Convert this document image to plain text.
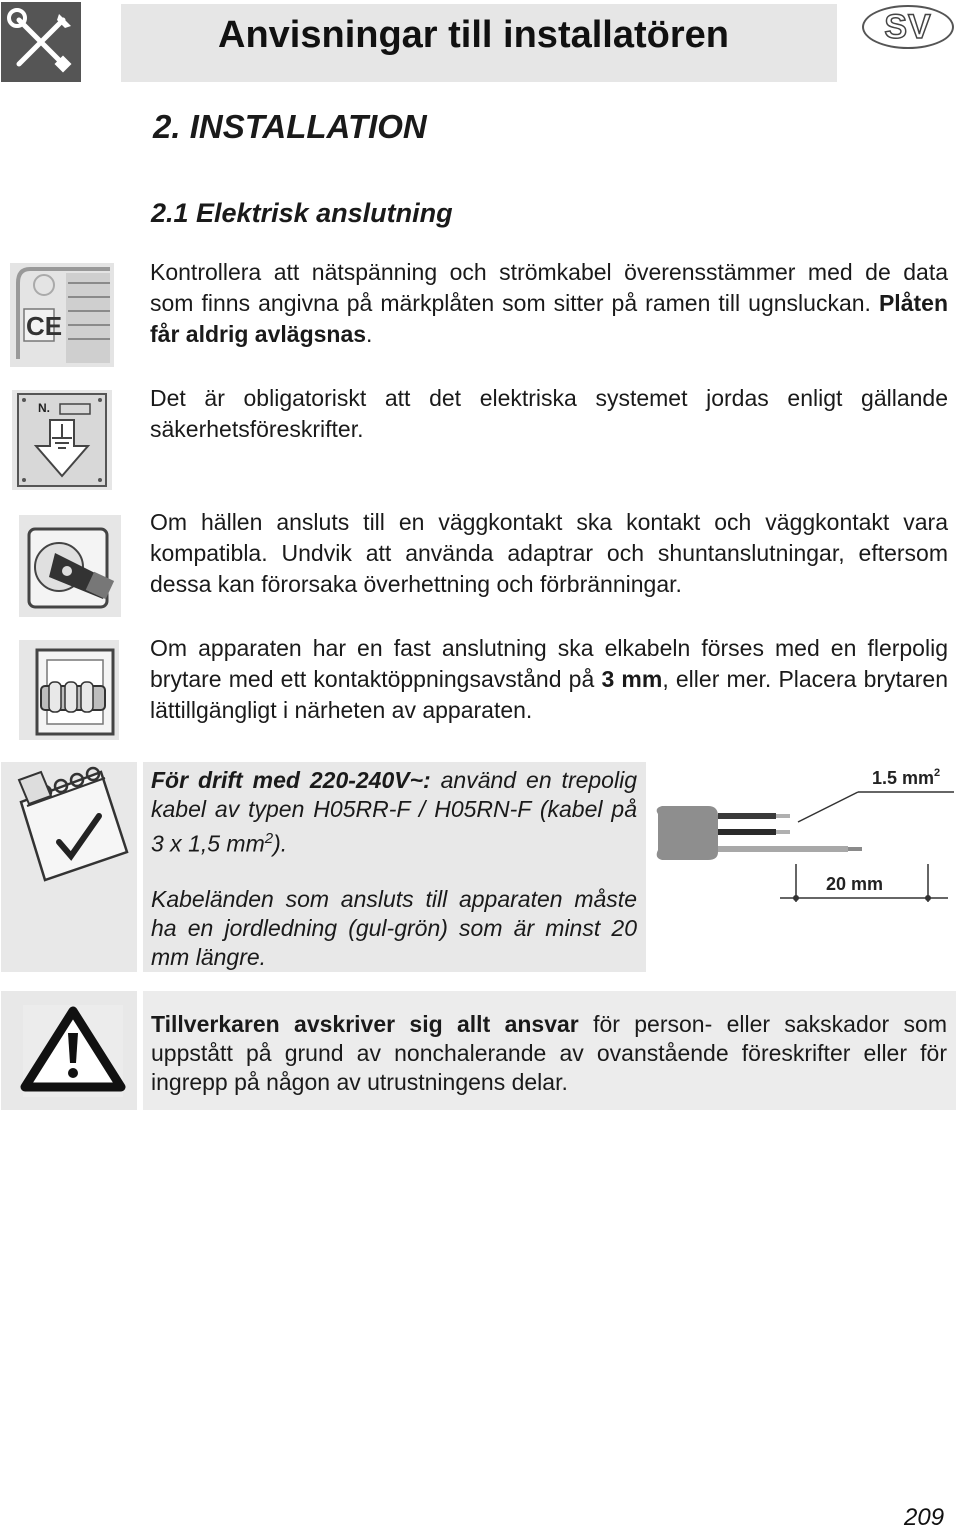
Anvisningar till installatören	SV
2. INSTALLATION
2.1 Elektrisk anslutning
CE
Kontrollera att nätspänning och strömkabel överensstämmer med de data som finns angivna på märkplåten som sitter på ramen till ugnsluckan. Plåten får aldrig avlägsnas.
N.	Det är obligatoriskt att det elektriska systemet jordas enligt gällande säkerhetsföreskrifter.
Om hällen ansluts till en väggkontakt ska kontakt och väggkontakt vara kompatibla. Undvik att använda adaptrar och shuntanslutningar, eftersom dessa kan förorsaka överhettning och förbränningar.
Om apparaten har en fast anslutning ska elkabeln förses med en flerpolig brytare med ett kontaktöppningsavstånd på 3 mm, eller mer. Placera brytaren lättillgängligt i närheten av apparaten.
För drift med 220-240V~: använd en trepolig kabel av typen H05RR-F / H05RN-F (kabel på 3 x 1,5 $mm^2$).
Kabeländen som ansluts till apparaten måste ha en jordledning (gul-grön) som är minst 20 mm längre.
1.5 $mm^2$
20 mm
Tillverkaren avskriver sig allt ansvar för person- eller sakskador som uppstått på grund av nonchalerande av ovanstående föreskrifter eller för ingrepp på någon av utrustningens delar.
209
